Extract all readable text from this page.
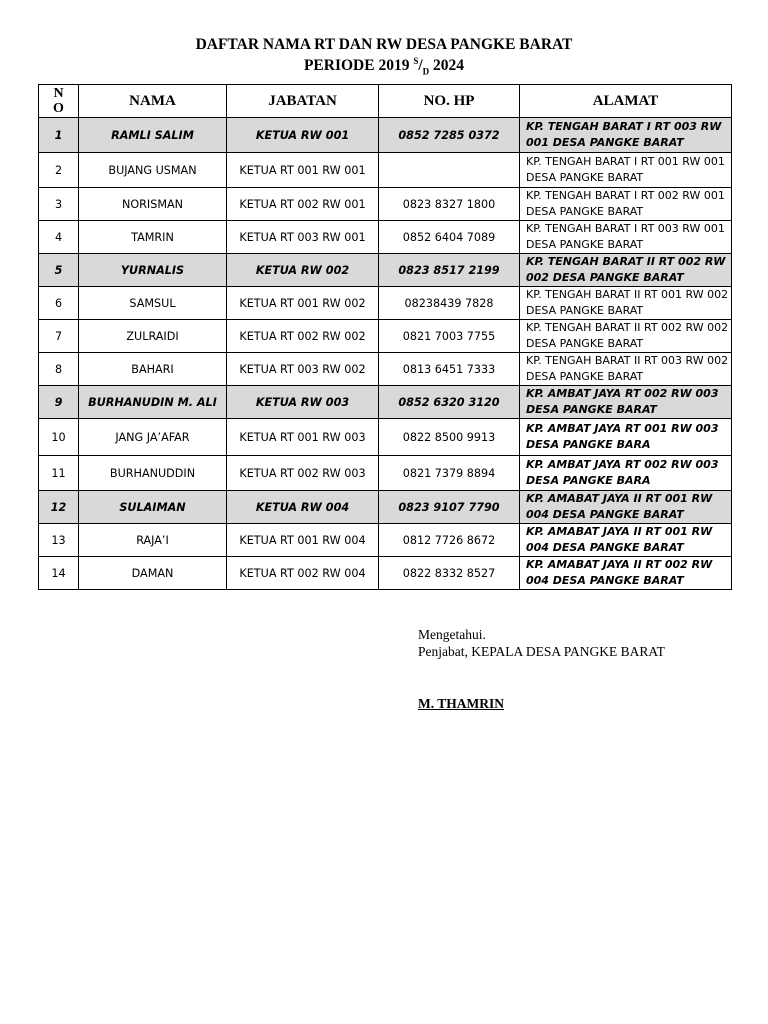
DAFTAR NAMA RT DAN RW DESA PANGKE BARAT
PERIODE 2019 $^S/_D$ 2024
N
O	NAMA	JABATAN	NO. HP	ALAMAT
1	RAMLI SALIM	KETUA RW 001	0852 7285 0372	KP. TENGAH BARAT I RT 003 RW 001 DESA PANGKE BARAT
2	BUJANG USMAN	KETUA RT 001 RW 001		KP. TENGAH BARAT I RT 001 RW 001 DESA PANGKE BARAT
3	NORISMAN	KETUA RT 002 RW 001	0823 8327 1800	KP. TENGAH BARAT I RT 002 RW 001 DESA PANGKE BARAT
4	TAMRIN	KETUA RT 003 RW 001	0852 6404 7089	KP. TENGAH BARAT I RT 003 RW 001 DESA PANGKE BARAT
5	YURNALIS	KETUA RW 002	0823 8517 2199	KP. TENGAH BARAT II RT 002 RW 002 DESA PANGKE BARAT
6	SAMSUL	KETUA RT 001 RW 002	08238439 7828	KP. TENGAH BARAT II RT 001 RW 002 DESA PANGKE BARAT
7	ZULRAIDI	KETUA RT 002 RW 002	0821 7003 7755	KP. TENGAH BARAT II RT 002 RW 002 DESA PANGKE BARAT
8	BAHARI	KETUA RT 003 RW 002	0813 6451 7333	KP. TENGAH BARAT II RT 003 RW 002 DESA PANGKE BARAT
9	BURHANUDIN M. ALI	KETUA RW 003	0852 6320 3120	KP. AMBAT JAYA RT 002 RW 003 DESA PANGKE BARAT
10	JANG JA’AFAR	KETUA RT 001 RW 003	0822 8500 9913	KP. AMBAT JAYA RT 001 RW 003 DESA PANGKE BARA
11	BURHANUDDIN	KETUA RT 002 RW 003	0821 7379 8894	KP. AMBAT JAYA RT 002 RW 003 DESA PANGKE BARA
12	SULAIMAN	KETUA RW 004	0823 9107 7790	KP. AMABAT JAYA II RT 001 RW 004 DESA PANGKE BARAT
13	RAJA’I	KETUA RT 001 RW 004	0812 7726 8672	KP. AMABAT JAYA II RT 001 RW 004 DESA PANGKE BARAT
14	DAMAN	KETUA RT 002 RW 004	0822 8332 8527	KP. AMABAT JAYA II RT 002 RW 004 DESA PANGKE BARAT
Mengetahui.
Penjabat, KEPALA DESA PANGKE BARAT
M. THAMRIN
